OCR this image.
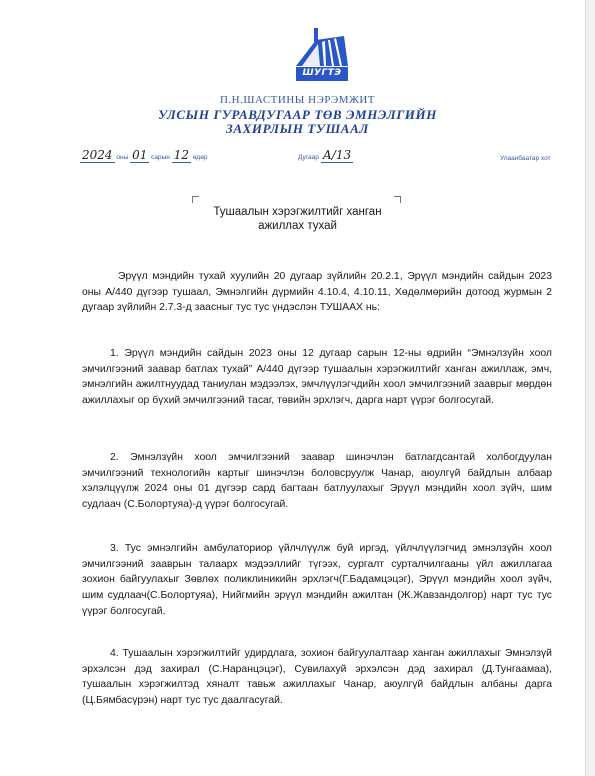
ШУГТЭ
П.Н.ШАСТИНЫ НЭРЭМЖИТ
УЛСЫН ГУРАВДУГААР ТӨВ ЭМНЭЛГИЙН
ЗАХИРЛЫН ТУШААЛ
2024 оны 01 сарын 12 өдөр	Дугаар А/13	Улаанбаатар хот
Тушаалын хэрэгжилтийг ханган
ажиллах тухай
Эрүүл мэндийн тухай хуулийн 20 дугаар зүйлийн 20.2.1, Эрүүл мэндийн сайдын 2023 оны А/440 дүгээр тушаал, Эмнэлгийн дүрмийн 4.10.4, 4.10.11, Хөдөлмөрийн дотоод журмын 2 дугаар зүйлийн 2.7.3-д заасныг тус тус үндэслэн ТУШААХ нь:
1. Эрүүл мэндийн сайдын 2023 оны 12 дугаар сарын 12-ны өдрийн “Эмнэлзүйн хоол эмчилгээний заавар батлах тухай” А/440 дүгээр тушаалын хэрэгжилтийг ханган ажиллаж, эмч, эмнэлгийн ажилтнуудад таниулан мэдээлэх, эмчлүүлэгчдийн хоол эмчилгээний зааврыг мөрдөн ажиллахыг ор бүхий эмчилгээний тасаг, төвийн эрхлэгч, дарга нарт үүрэг болгосугай.
2. Эмнэлзүйн хоол эмчилгээний заавар шинэчлэн батлагдсантай холбогдуулан эмчилгээний технологийн картыг шинэчлэн боловсруулж Чанар, аюулгүй байдлын албаар хэлэлцүүлж 2024 оны 01 дүгээр сард багтаан батлуулахыг Эрүүл мэндийн хоол зүйч, шим судлаач (С.Болортуяа)-д үүрэг болгосугай.
3. Тус эмнэлгийн амбулаториор үйлчлүүлж буй иргэд, үйлчлүүлэгчид эмнэлзүйн хоол эмчилгээний зааврын талаарх мэдээллийг түгээх, сургалт сурталчилгааны үйл ажиллагаа зохион байгуулахыг Зөвлөх поликлиникийн эрхлэгч(Г.Бадамцэцэг), Эрүүл мэндийн хоол зүйч, шим судлаач(С.Болортуяа), Нийгмийн эрүүл мэндийн ажилтан (Ж.Жавзандолгор) нарт тус тус үүрэг болгосугай.
4. Тушаалын хэрэгжилтийг удирдлага, зохион байгуулалтаар ханган ажиллахыг Эмнэлзүй эрхэлсэн дэд захирал (С.Наранцэцэг), Сувилахуй эрхэлсэн дэд захирал (Д.Тунгаамаа), тушаалын хэрэгжилтэд хяналт тавьж ажиллахыг Чанар, аюулгүй байдлын албаны дарга (Ц.Бямбасүрэн) нарт тус тус даалгасугай.
